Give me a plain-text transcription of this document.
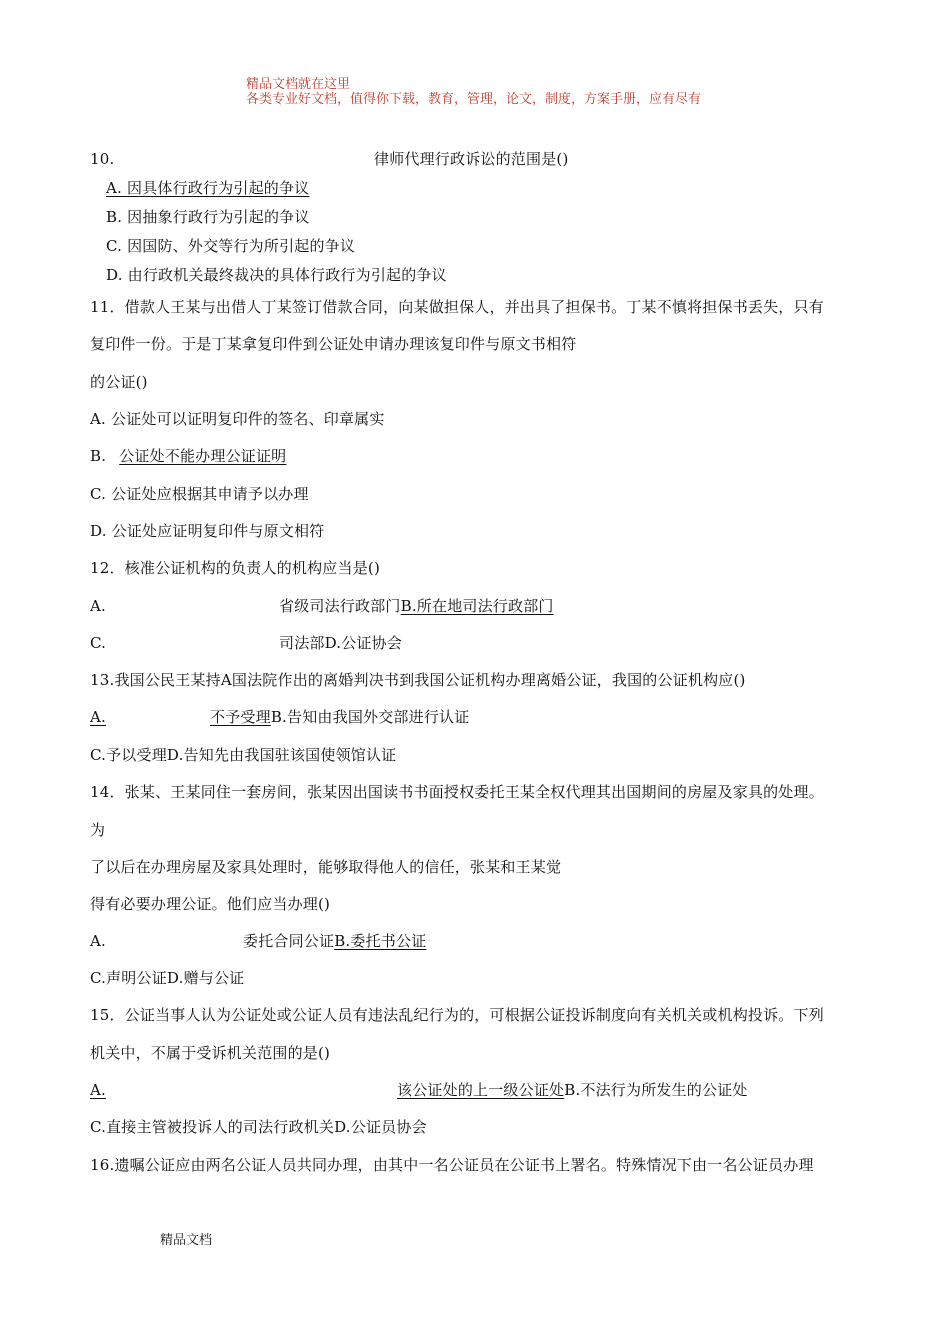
精品文档就在这里
各类专业好文档，值得你下载，教育，管理，论文，制度，方案手册，应有尽有
10.	律师代理行政诉讼的范围是()
A. 因具体行政行为引起的争议
B. 因抽象行政行为引起的争议
C. 因国防、外交等行为所引起的争议
D. 由行政机关最终裁决的具体行政行为引起的争议
11．借款人王某与出借人丁某签订借款合同，向某做担保人，并出具了担保书。丁某不慎将担保书丢失，只有
复印件一份。于是丁某拿复印件到公证处申请办理该复印件与原文书相符
的公证()
A. 公证处可以证明复印件的签名、印章属实
B. 公证处不能办理公证证明
C. 公证处应根据其申请予以办理
D. 公证处应证明复印件与原文相符
12．核准公证机构的负责人的机构应当是()
A.	省级司法行政部门B.所在地司法行政部门
C.	司法部D.公证协会
13.我国公民王某持A国法院作出的离婚判决书到我国公证机构办理离婚公证，我国的公证机构应()
A.	不予受理B.告知由我国外交部进行认证
C.予以受理D.告知先由我国驻该国使领馆认证
14．张某、王某同住一套房间，张某因出国读书书面授权委托王某全权代理其出国期间的房屋及家具的处理。
为
了以后在办理房屋及家具处理时，能够取得他人的信任，张某和王某觉
得有必要办理公证。他们应当办理()
A.	委托合同公证B.委托书公证
C.声明公证D.赠与公证
15．公证当事人认为公证处或公证人员有违法乱纪行为的，可根据公证投诉制度向有关机关或机构投诉。下列
机关中，不属于受诉机关范围的是()
A.	该公证处的上一级公证处B.不法行为所发生的公证处
C.直接主管被投诉人的司法行政机关D.公证员协会
16.遗嘱公证应由两名公证人员共同办理，由其中一名公证员在公证书上署名。特殊情况下由一名公证员办理
精品文档
